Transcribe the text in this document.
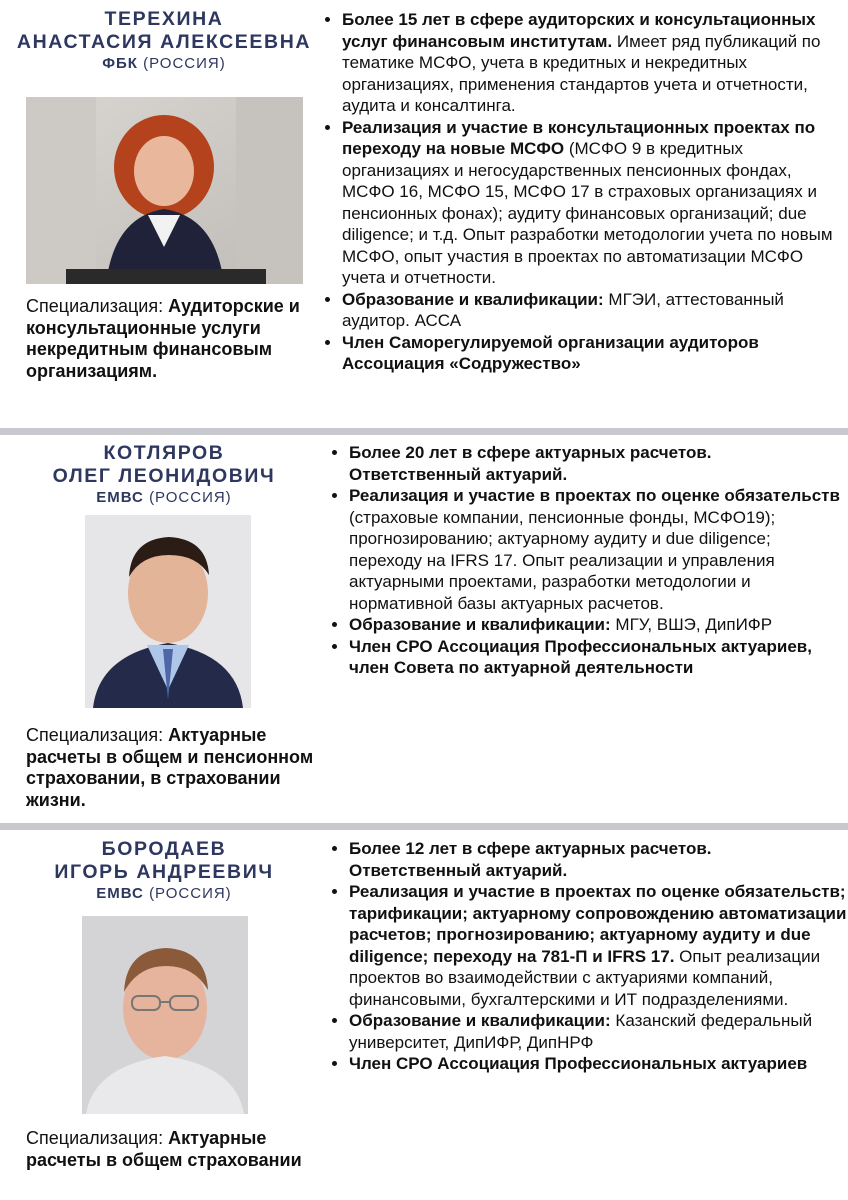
ТЕРЕХИНА
АНАСТАСИЯ АЛЕКСЕЕВНА
ФБК (РОССИЯ)
Специализация: Аудиторские и консультационные услуги некредитным финансовым организациям.
• Более 15 лет в сфере аудиторских и консультационных услуг финансовым институтам. Имеет ряд публикаций по тематике МСФО, учета в кредитных и некредитных организациях, применения стандартов учета и отчетности, аудита и консалтинга.
• Реализация и участие в консультационных проектах по переходу на новые МСФО (МСФО 9 в кредитных организациях и негосударственных пенсионных фондах, МСФО 16, МСФО 15, МСФО 17 в страховых организациях и пенсионных фонах); аудиту финансовых организаций; due diligence; и т.д. Опыт разработки методологии учета по новым МСФО, опыт участия в проектах по автоматизации МСФО учета и отчетности.
• Образование и квалификации: МГЭИ, аттестованный аудитор. АССА
• Член Саморегулируемой организации аудиторов Ассоциация «Содружество»
КОТЛЯРОВ
ОЛЕГ ЛЕОНИДОВИЧ
ЕМВС (РОССИЯ)
Специализация: Актуарные расчеты в общем и пенсионном страховании, в страховании жизни.
• Более 20 лет в сфере актуарных расчетов. Ответственный актуарий.
• Реализация и участие в проектах по оценке обязательств (страховые компании, пенсионные фонды, МСФО19); прогнозированию; актуарному аудиту и due diligence; переходу на IFRS 17. Опыт реализации и управления актуарными проектами, разработки методологии и нормативной базы актуарных расчетов.
• Образование и квалификации: МГУ, ВШЭ, ДипИФР
• Член СРО Ассоциация Профессиональных актуариев, член Совета по актуарной деятельности
БОРОДАЕВ
ИГОРЬ АНДРЕЕВИЧ
ЕМВС (РОССИЯ)
Специализация: Актуарные расчеты в общем страховании
• Более 12 лет в сфере актуарных расчетов. Ответственный актуарий.
• Реализация и участие в проектах по оценке обязательств; тарификации; актуарному сопровождению автоматизации расчетов; прогнозированию; актуарному аудиту и due diligence; переходу на 781-П и IFRS 17. Опыт реализации проектов во взаимодействии с актуариями компаний, финансовыми, бухгалтерскими и ИТ подразделениями.
• Образование и квалификации: Казанский федеральный университет, ДипИФР, ДипНРФ
• Член СРО Ассоциация Профессиональных актуариев
